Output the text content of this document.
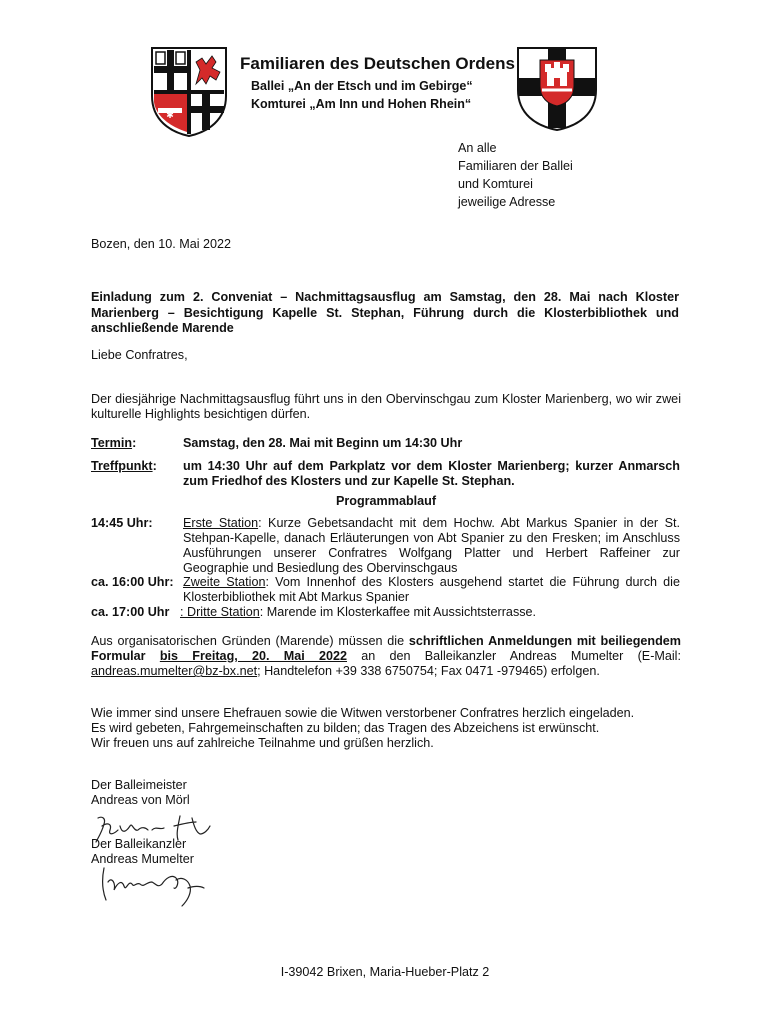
✱
Familiaren des Deutschen Ordens
Ballei „An der Etsch und im Gebirge“
Komturei „Am Inn und Hohen Rhein“
An alle
Familiaren der Ballei
und Komturei
jeweilige Adresse
Bozen, den 10. Mai 2022
Einladung zum 2. Conveniat – Nachmittagsausflug am Samstag, den 28. Mai nach Kloster Marienberg – Besichtigung Kapelle St. Stephan, Führung durch die Klosterbibliothek und anschließende Marende
Liebe Confratres,
Der diesjährige Nachmittagsausflug führt uns in den Obervinschgau zum Kloster Marienberg, wo wir zwei kulturelle Highlights besichtigen dürfen.
Termin:	Samstag, den 28. Mai mit Beginn um 14:30 Uhr
Treffpunkt: um 14:30 Uhr auf dem Parkplatz vor dem Kloster Marienberg; kurzer Anmarsch zum Friedhof des Klosters und zur Kapelle St. Stephan.
Programmablauf
14:45 Uhr: Erste Station: Kurze Gebetsandacht mit dem Hochw. Abt Markus Spanier in der St. Stehpan-Kapelle, danach Erläuterungen von Abt Spanier zu den Fresken; im Anschluss Ausführungen unserer Confratres Wolfgang Platter und Herbert Raffeiner zur Geographie und Besiedlung des Obervinschgaus
ca. 16:00 Uhr: Zweite Station: Vom Innenhof des Klosters ausgehend startet die Führung durch die Klosterbibliothek mit Abt Markus Spanier
ca. 17:00 Uhr : Dritte Station: Marende im Klosterkaffee mit Aussichtsterrasse.
Aus organisatorischen Gründen (Marende) müssen die schriftlichen Anmeldungen mit beiliegendem Formular bis Freitag, 20. Mai 2022 an den Balleikanzler Andreas Mumelter (E-Mail: andreas.mumelter@bz-bx.net; Handtelefon +39 338 6750754; Fax 0471 -979465) erfolgen.
Wie immer sind unsere Ehefrauen sowie die Witwen verstorbener Confratres herzlich eingeladen.
Es wird gebeten, Fahrgemeinschaften zu bilden; das Tragen des Abzeichens ist erwünscht.
Wir freuen uns auf zahlreiche Teilnahme und grüßen herzlich.
Der Balleimeister
Andreas von Mörl
Der Balleikanzler
Andreas Mumelter
I-39042 Brixen, Maria-Hueber-Platz 2
